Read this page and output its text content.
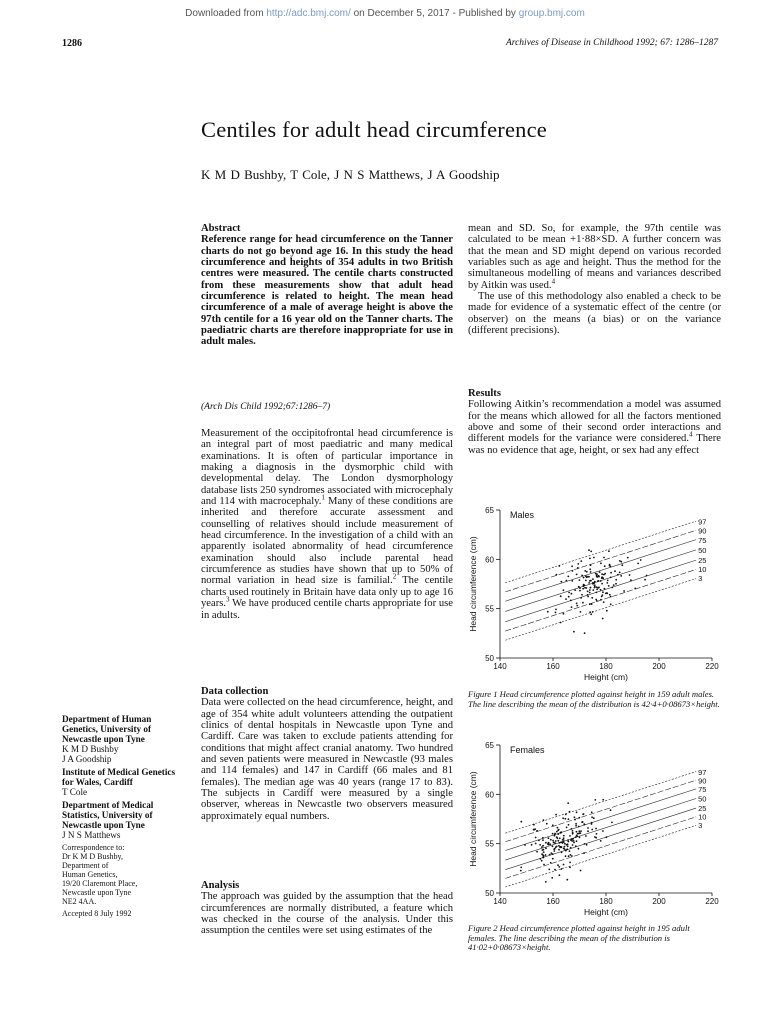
Downloaded from http://adc.bmj.com/ on December 5, 2017 - Published by group.bmj.com
1286	Archives of Disease in Childhood 1992; 67: 1286–1287
Centiles for adult head circumference
K M D Bushby, T Cole, J N S Matthews, J A Goodship

Abstract

Reference range for head circumference on the Tanner charts do not go beyond age 16. In this study the head circumference and heights of 354 adults in two British centres were measured. The centile charts constructed from these measurements show that adult head circumference is related to height. The mean head circumference of a male of average height is above the 97th centile for a 16 year old on the Tanner charts. The paediatric charts are therefore inappropriate for use in adult males.

(Arch Dis Child 1992;67:1286–7)

Measurement of the occipitofrontal head circumference is an integral part of most paediatric and many medical examinations. It is often of particular importance in making a diagnosis in the dysmorphic child with developmental delay. The London dysmorphology database lists 250 syndromes associated with microcephaly and 114 with macrocephaly.$^1$ Many of these conditions are inherited and therefore accurate assessment and counselling of relatives should include measurement of head circumference. In the investigation of a child with an apparently isolated abnormality of head circumference examination should also include parental head circumference as studies have shown that up to 50% of normal variation in head size is familial.$^2$ The centile charts used routinely in Britain have data only up to age 16 years.$^3$ We have produced centile charts appropriate for use in adults.

Data collection

Data were collected on the head circumference, height, and age of 354 white adult volunteers attending the outpatient clinics of dental hospitals in Newcastle upon Tyne and Cardiff. Care was taken to exclude patients attending for conditions that might affect cranial anatomy. Two hundred and seven patients were measured in Newcastle (93 males and 114 females) and 147 in Cardiff (66 males and 81 females). The median age was 40 years (range 17 to 83). The subjects in Cardiff were measured by a single observer, whereas in Newcastle two observers measured approximately equal numbers.

Analysis

The approach was guided by the assumption that the head circumferences are normally distributed, a feature which was checked in the course of the analysis. Under this assumption the centiles were set using estimates of the

mean and SD. So, for example, the 97th centile was calculated to be mean +1·88×SD. A further concern was that the mean and SD might depend on various recorded variables such as age and height. Thus the method for the simultaneous modelling of means and variances described by Aitkin was used.$^4$

The use of this methodology also enabled a check to be made for evidence of a systematic effect of the centre (or observer) on the means (a bias) or on the variance (different precisions).

Results

Following Aitkin’s recommendation a model was assumed for the means which allowed for all the factors mentioned above and some of their second order interactions and different models for the variance were considered.$^4$ There was no evidence that age, height, or sex had any effect

50
55
60
65
140	160	180	200	220
Height (cm)
Head circumference (cm)
Males
97
90
75
50
25
10
3
Figure 1 Head circumference plotted against height in 159 adult males. The line describing the mean of the distribution is 42·4+0·08673×height.
50
55
60
65
140	160	180	200	220
Height (cm)
Head circumference (cm)
Females
97
90
75
50
25
10
3
Figure 2 Head circumference plotted against height in 195 adult females. The line describing the mean of the distribution is 41·02+0·08673×height.
Department of Human Genetics, University of Newcastle upon Tyne
K M D Bushby
J A Goodship
Institute of Medical Genetics for Wales, Cardiff
T Cole
Department of Medical Statistics, University of Newcastle upon Tyne
J N S Matthews
Correspondence to:
Dr K M D Bushby,
Department of
Human Genetics,
19/20 Claremont Place,
Newcastle upon Tyne
NE2 4AA.
Accepted 8 July 1992
